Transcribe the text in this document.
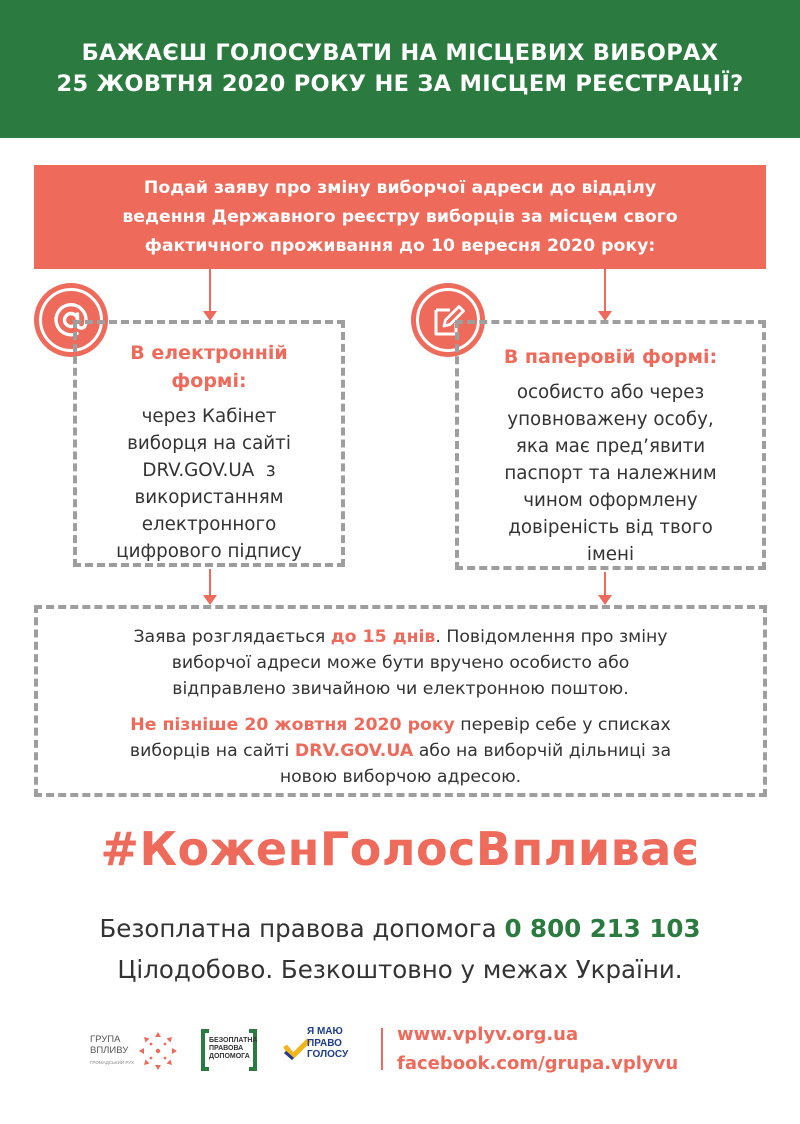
БАЖАЄШ ГОЛОСУВАТИ НА МІСЦЕВИХ ВИБОРАХ
25 ЖОВТНЯ 2020 РОКУ НЕ ЗА МІСЦЕМ РЕЄСТРАЦІЇ?
Подай заяву про зміну виборчої адреси до відділу
ведення Державного реєстру виборців за місцем свого
фактичного проживання до 10 вересня 2020 року:
В електронній
формі:
через Кабінет
виборця на сайті
DRV.GOV.UA  з
використанням
електронного
цифрового підпису
В паперовій формі:
особисто або через
уповноважену особу,
яка має пред’явити
паспорт та належним
чином оформлену
довіреність від твого
імені
Заява розглядається до 15 днів. Повідомлення про зміну
виборчої адреси може бути вручено особисто або
відправлено звичайною чи електронною поштою.
Не пізніше 20 жовтня 2020 року перевір себе у списках
виборців на сайті DRV.GOV.UA або на виборчій дільниці за
новою виборчою адресою.
#КоженГолосВпливає
Безоплатна правова допомога 0 800 213 103
Цілодобово. Безкоштовно у межах України.
ГРУПА
ВПЛИВУ
ГРОМАДСЬКИЙ РУХ
БЕЗОПЛАТНА
ПРАВОВА
ДОПОМОГА
Я МАЮ
ПРАВО
ГОЛОСУ
www.vplyv.org.ua
facebook.com/grupa.vplyvu
